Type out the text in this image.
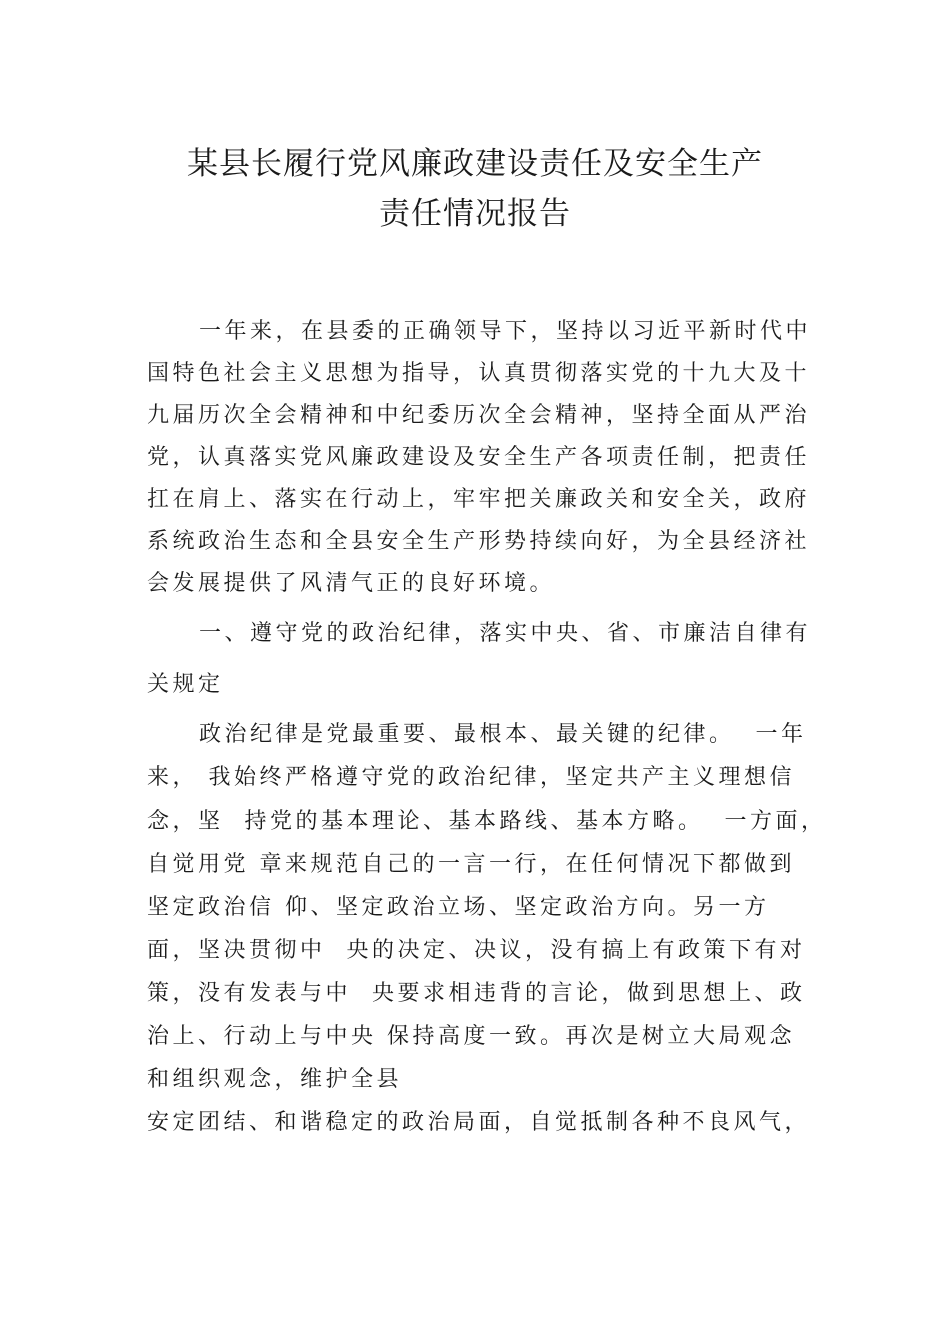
某县长履行党风廉政建设责任及安全生产
责任情况报告
一年来，在县委的正确领导下，坚持以习近平新时代中
国特色社会主义思想为指导，认真贯彻落实党的十九大及十
九届历次全会精神和中纪委历次全会精神，坚持全面从严治
党，认真落实党风廉政建设及安全生产各项责任制，把责任
扛在肩上、落实在行动上，牢牢把关廉政关和安全关，政府
系统政治生态和全县安全生产形势持续向好，为全县经济社
会发展提供了风清气正的良好环境。
一、遵守党的政治纪律，落实中央、省、市廉洁自律有
关规定
政治纪律是党最重要、最根本、最关键的纪律。  一年
来， 我始终严格遵守党的政治纪律，坚定共产主义理想信
念，坚  持党的基本理论、基本路线、基本方略。  一方面，
自觉用党 章来规范自己的一言一行，在任何情况下都做到
坚定政治信 仰、坚定政治立场、坚定政治方向。另一方
面，坚决贯彻中  央的决定、决议，没有搞上有政策下有对
策，没有发表与中  央要求相违背的言论，做到思想上、政
治上、行动上与中央 保持高度一致。再次是树立大局观念
和组织观念，维护全县
安定团结、和谐稳定的政治局面，自觉抵制各种不良风气，
